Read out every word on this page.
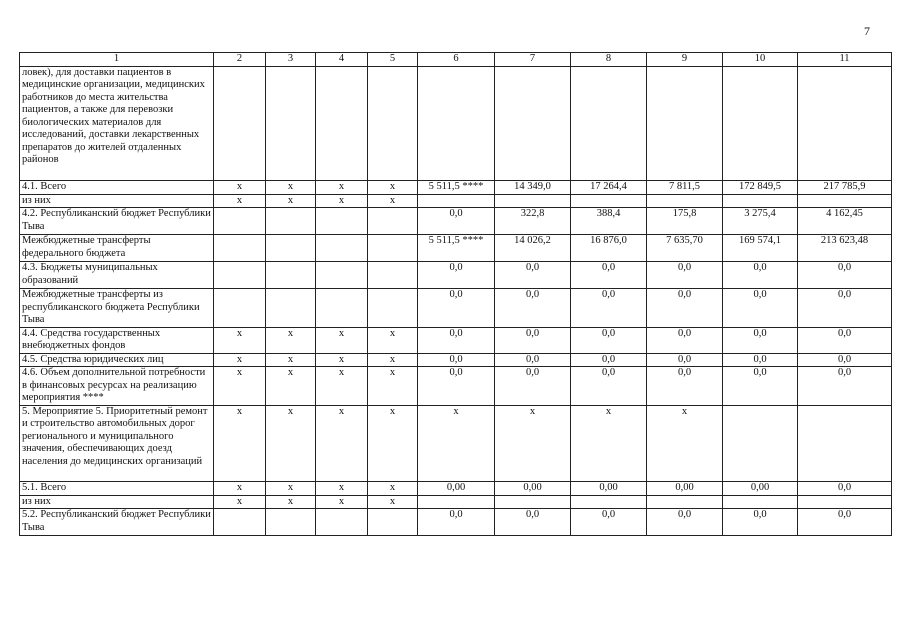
7
1	2	3	4	5	6	7	8	9	10	11
ловек), для доставки пациентов в медицинские организации, медицинских работников до места жительства пациентов, а также для перевозки биологических материалов для исследований, доставки лекарственных препаратов до жителей отдаленных районов										
4.1. Всего	х	х	х	х	5 511,5 ****	14 349,0	17 264,4	7 811,5	172 849,5	217 785,9
из них	х	х	х	х						
4.2. Республиканский бюджет Республики Тыва					0,0	322,8	388,4	175,8	3 275,4	4 162,45
Межбюджетные трансферты федерального бюджета					5 511,5 ****	14 026,2	16 876,0	7 635,70	169 574,1	213 623,48
4.3. Бюджеты муниципальных образований					0,0	0,0	0,0	0,0	0,0	0,0
Межбюджетные трансферты из республиканского бюджета Республики Тыва					0,0	0,0	0,0	0,0	0,0	0,0
4.4. Средства государственных внебюджетных фондов	х	х	х	х	0,0	0,0	0,0	0,0	0,0	0,0
4.5. Средства юридических лиц	х	х	х	х	0,0	0,0	0,0	0,0	0,0	0,0
4.6. Объем дополнительной потребности в финансовых ресурсах на реализацию мероприятия ****	х	х	х	х	0,0	0,0	0,0	0,0	0,0	0,0
5. Мероприятие 5. Приоритетный ремонт и строительство автомобильных дорог регионального и муниципального значения, обеспечивающих доезд населения до медицинских организаций	х	х	х	х	х	х	х	х		
5.1. Всего	х	х	х	х	0,00	0,00	0,00	0,00	0,00	0,0
из них	х	х	х	х						
5.2. Республиканский бюджет Республики Тыва					0,0	0,0	0,0	0,0	0,0	0,0
